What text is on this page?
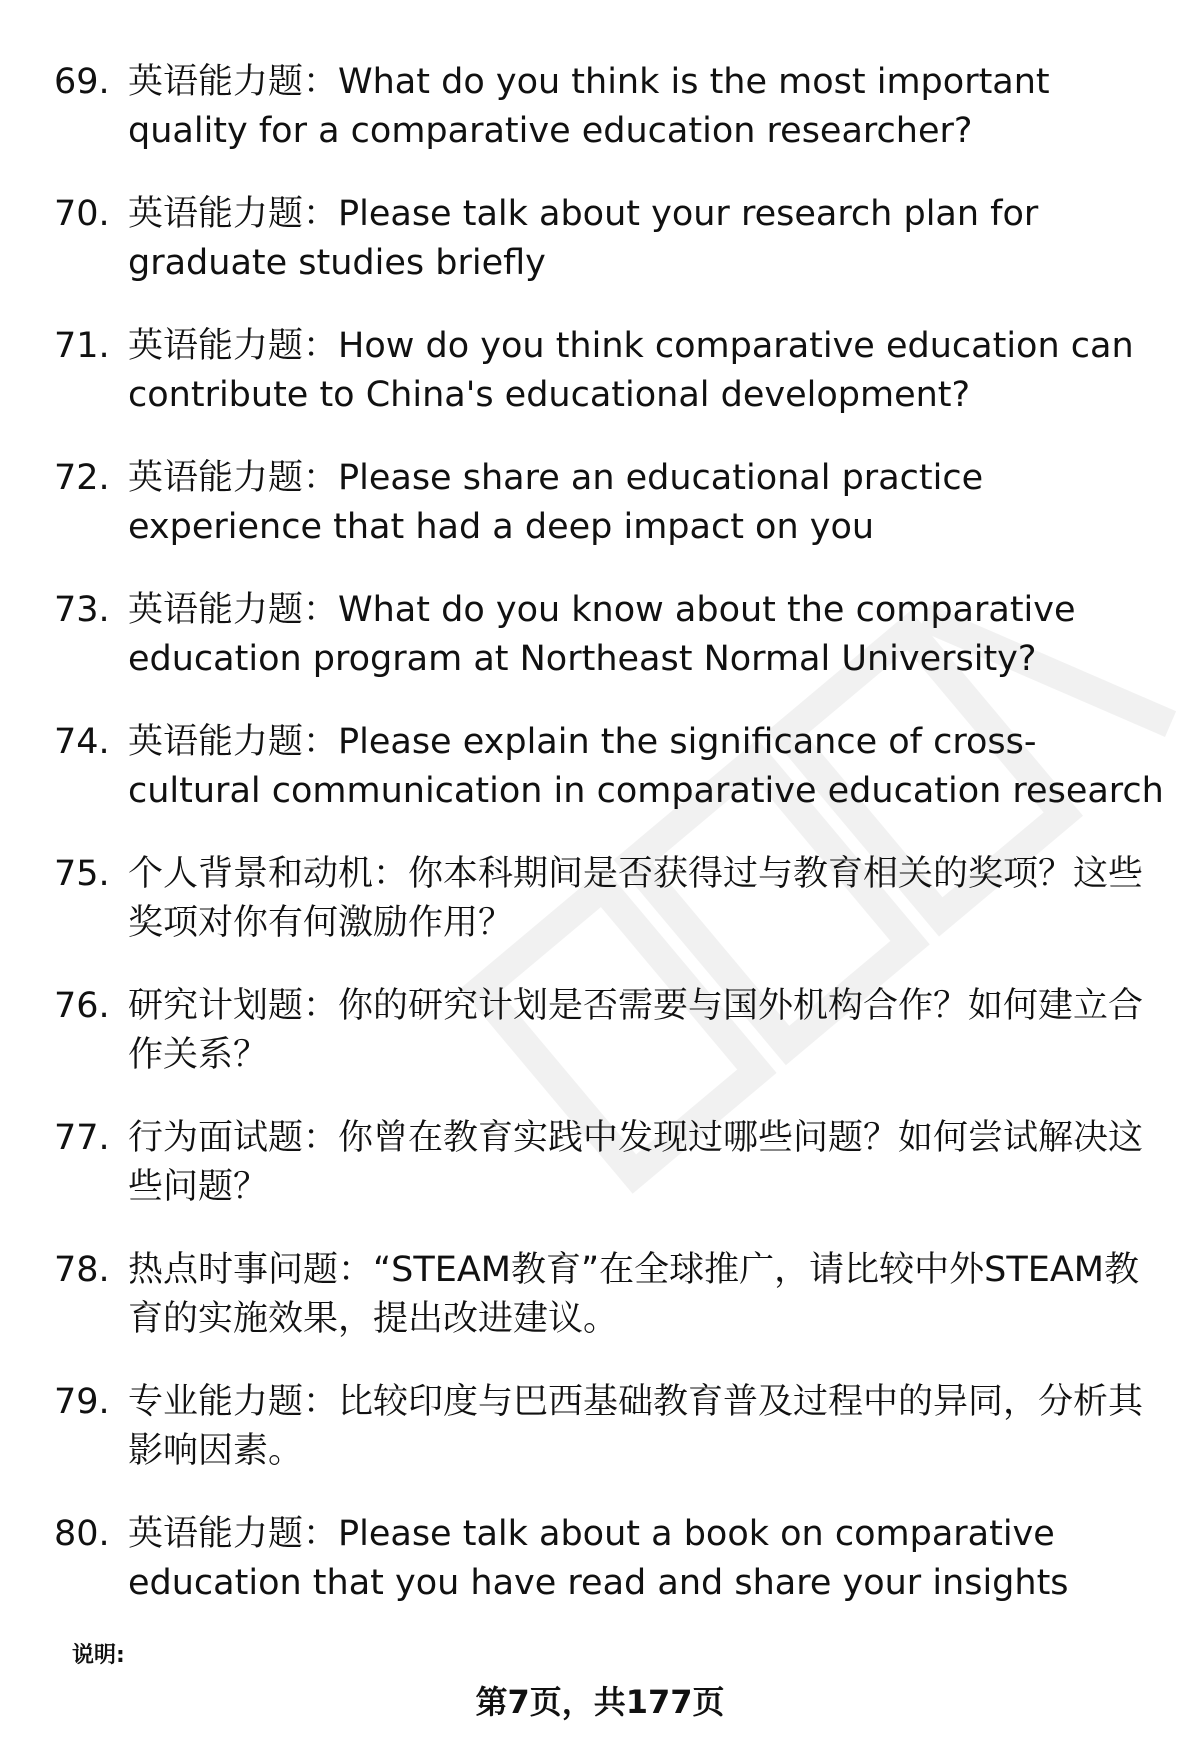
69. 英语能力题：What do you think is the most important quality for a comparative education researcher?
70. 英语能力题：Please talk about your research plan for graduate studies briefly
71. 英语能力题：How do you think comparative education can contribute to China's educational development?
72. 英语能力题：Please share an educational practice experience that had a deep impact on you
73. 英语能力题：What do you know about the comparative education program at Northeast Normal University?
74. 英语能力题：Please explain the significance of cross-cultural communication in comparative education research
75. 个人背景和动机：你本科期间是否获得过与教育相关的奖项？这些奖项对你有何激励作用？
76. 研究计划题：你的研究计划是否需要与国外机构合作？如何建立合作关系？
77. 行为面试题：你曾在教育实践中发现过哪些问题？如何尝试解决这些问题？
78. 热点时事问题：“STEAM教育”在全球推广，请比较中外STEAM教育的实施效果，提出改进建议。
79. 专业能力题：比较印度与巴西基础教育普及过程中的异同，分析其影响因素。
80. 英语能力题：Please talk about a book on comparative education that you have read and share your insights
说明:
第7页，共177页
